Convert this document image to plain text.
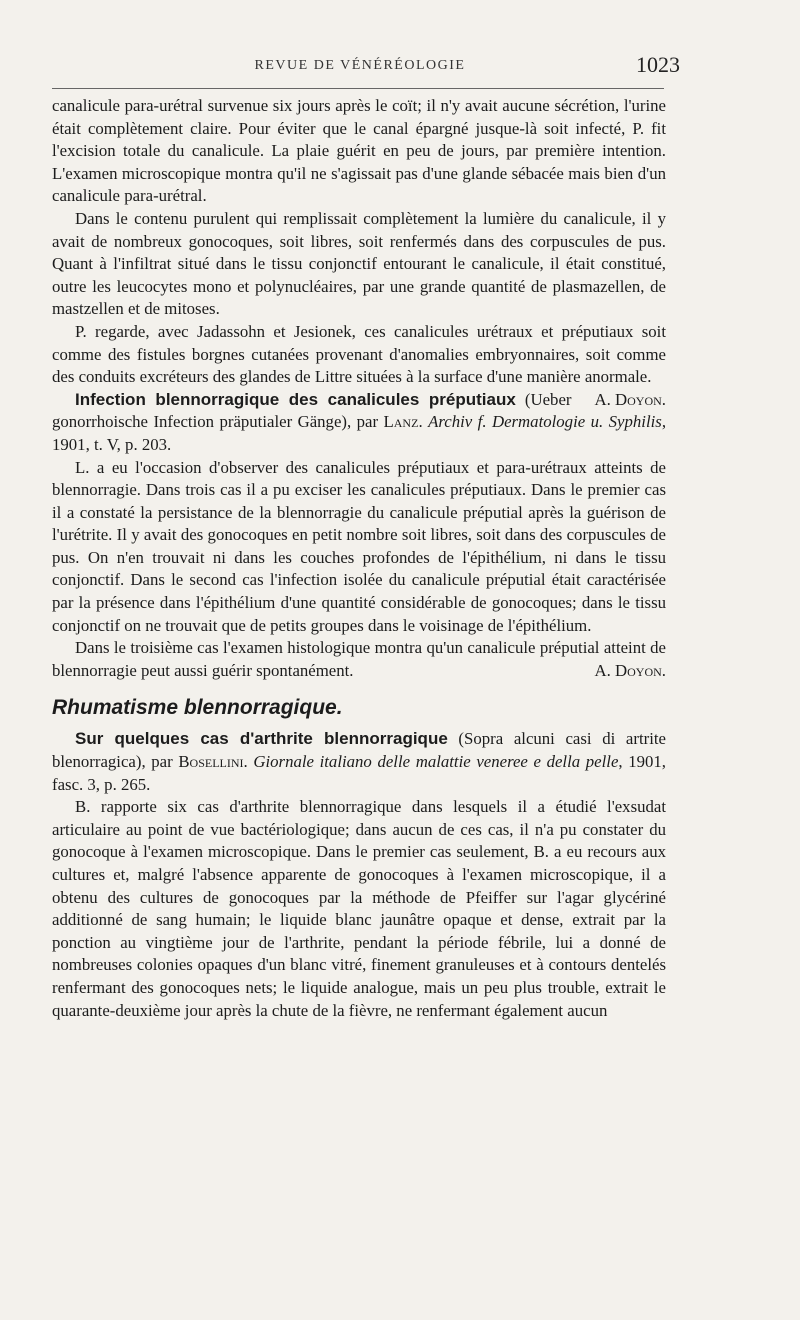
REVUE DE VÉNÉRÉOLOGIE	1023

canalicule para-urétral survenue six jours après le coït; il n'y avait aucune sécrétion, l'urine était complètement claire. Pour éviter que le canal épargné jusque-là soit infecté, P. fit l'excision totale du canalicule. La plaie guérit en peu de jours, par première intention. L'examen microscopique montra qu'il ne s'agissait pas d'une glande sébacée mais bien d'un canalicule para-urétral.

Dans le contenu purulent qui remplissait complètement la lumière du canalicule, il y avait de nombreux gonocoques, soit libres, soit renfermés dans des corpuscules de pus. Quant à l'infiltrat situé dans le tissu conjonctif entourant le canalicule, il était constitué, outre les leucocytes mono et polynucléaires, par une grande quantité de plasmazellen, de mastzellen et de mitoses.

P. regarde, avec Jadassohn et Jesionek, ces canalicules urétraux et préputiaux soit comme des fistules borgnes cutanées provenant d'anomalies embryonnaires, soit comme des conduits excréteurs des glandes de Littre situées à la surface d'une manière anormale.
A. Doyon.

Infection blennorragique des canalicules préputiaux (Ueber gonorrhoische Infection präputialer Gänge), par Lanz. Archiv f. Dermatologie u. Syphilis, 1901, t. V, p. 203.

L. a eu l'occasion d'observer des canalicules préputiaux et para-urétraux atteints de blennorragie. Dans trois cas il a pu exciser les canalicules préputiaux. Dans le premier cas il a constaté la persistance de la blennorragie du canalicule préputial après la guérison de l'urétrite. Il y avait des gonocoques en petit nombre soit libres, soit dans des corpuscules de pus. On n'en trouvait ni dans les couches profondes de l'épithélium, ni dans le tissu conjonctif. Dans le second cas l'infection isolée du canalicule préputial était caractérisée par la présence dans l'épithélium d'une quantité considérable de gonocoques; dans le tissu conjonctif on ne trouvait que de petits groupes dans le voisinage de l'épithélium.

Dans le troisième cas l'examen histologique montra qu'un canalicule préputial atteint de blennorragie peut aussi guérir spontanément.	A. Doyon.

Rhumatisme blennorragique.

Sur quelques cas d'arthrite blennorragique (Sopra alcuni casi di artrite blenorragica), par Bosellini. Giornale italiano delle malattie veneree e della pelle, 1901, fasc. 3, p. 265.

B. rapporte six cas d'arthrite blennorragique dans lesquels il a étudié l'exsudat articulaire au point de vue bactériologique; dans aucun de ces cas, il n'a pu constater du gonocoque à l'examen microscopique. Dans le premier cas seulement, B. a eu recours aux cultures et, malgré l'absence apparente de gonocoques à l'examen microscopique, il a obtenu des cultures de gonocoques par la méthode de Pfeiffer sur l'agar glycériné additionné de sang humain; le liquide blanc jaunâtre opaque et dense, extrait par la ponction au vingtième jour de l'arthrite, pendant la période fébrile, lui a donné de nombreuses colonies opaques d'un blanc vitré, finement granuleuses et à contours dentelés renfermant des gonocoques nets; le liquide analogue, mais un peu plus trouble, extrait le quarante-deuxième jour après la chute de la fièvre, ne renfermant également aucun
